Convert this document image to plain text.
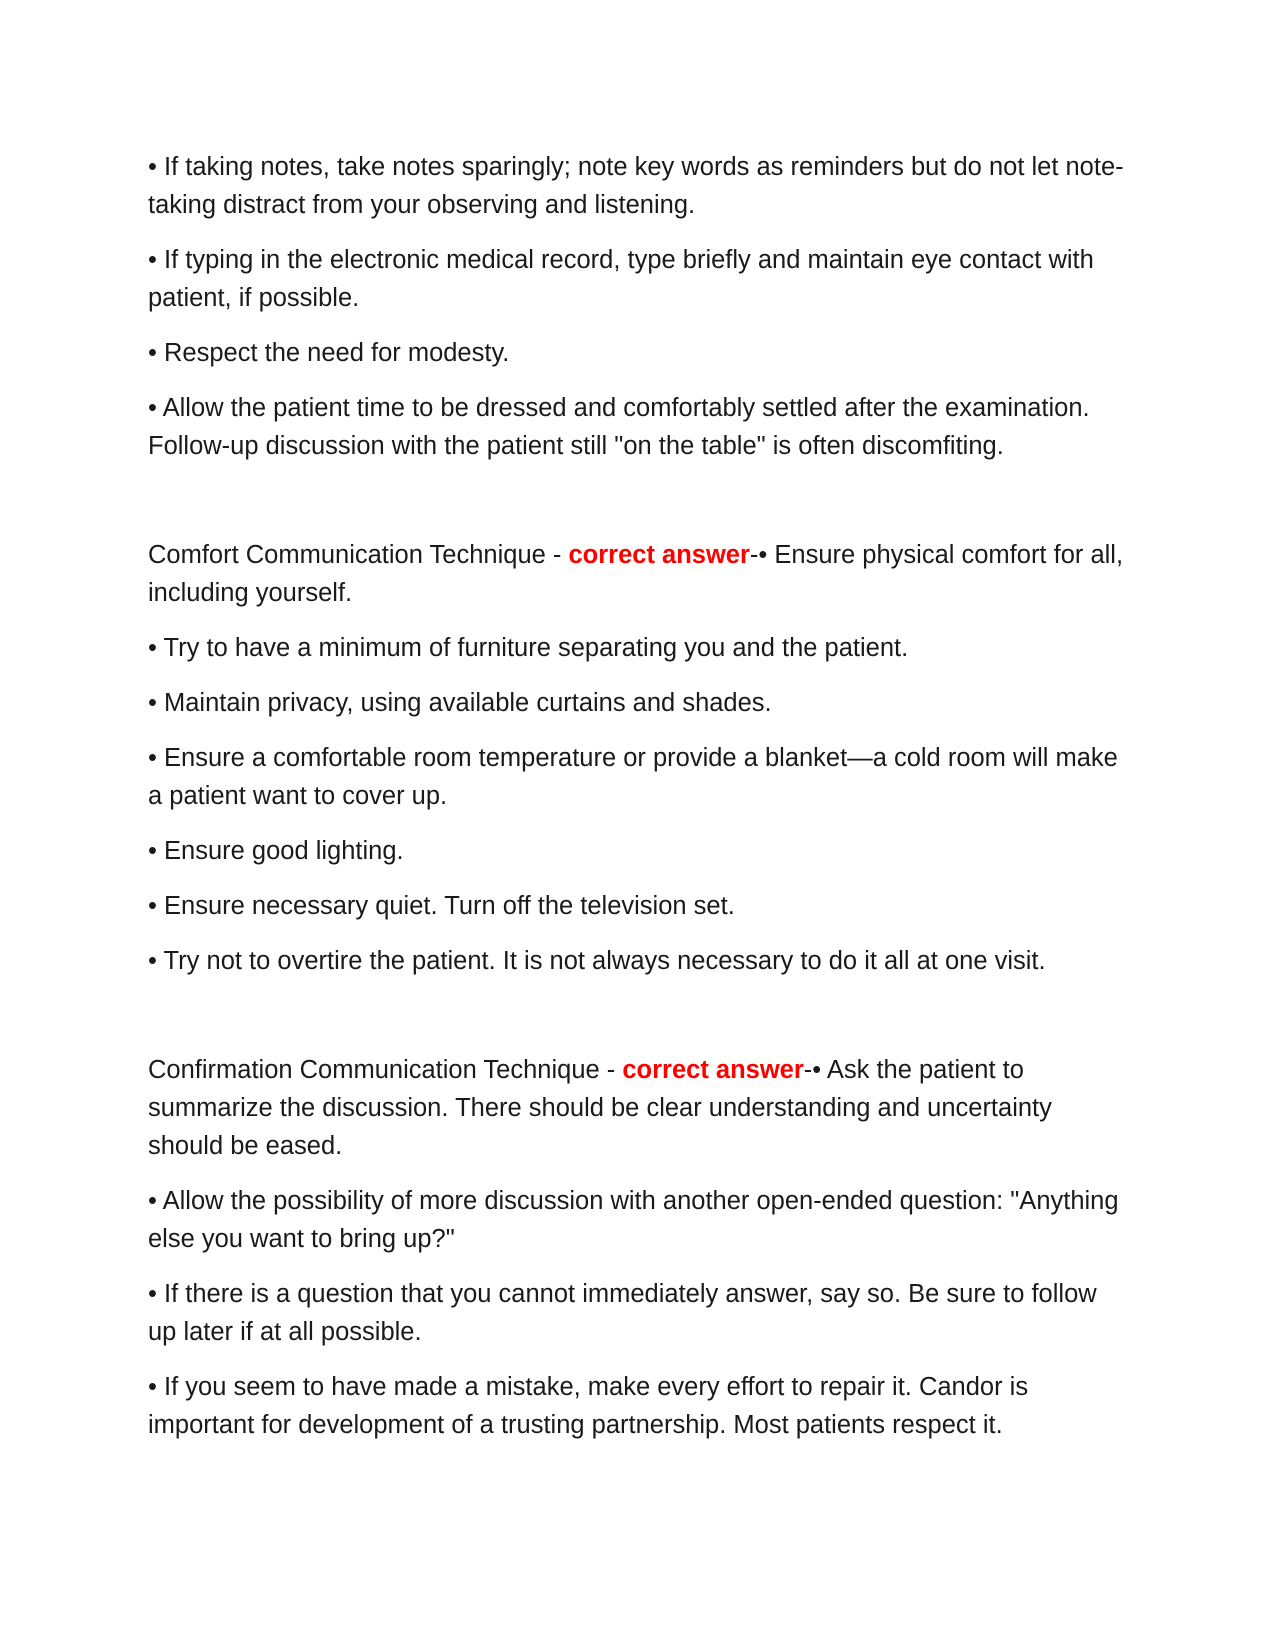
• If taking notes, take notes sparingly; note key words as reminders but do not let note-taking distract from your observing and listening.

• If typing in the electronic medical record, type briefly and maintain eye contact with patient, if possible.

• Respect the need for modesty.

• Allow the patient time to be dressed and comfortably settled after the examination. Follow-up discussion with the patient still "on the table" is often discomfiting.

Comfort Communication Technique - correct answer-• Ensure physical comfort for all, including yourself.

• Try to have a minimum of furniture separating you and the patient.

• Maintain privacy, using available curtains and shades.

• Ensure a comfortable room temperature or provide a blanket—a cold room will make a patient want to cover up.

• Ensure good lighting.

• Ensure necessary quiet. Turn off the television set.

• Try not to overtire the patient. It is not always necessary to do it all at one visit.

Confirmation Communication Technique - correct answer-• Ask the patient to summarize the discussion. There should be clear understanding and uncertainty should be eased.

• Allow the possibility of more discussion with another open-ended question: "Anything else you want to bring up?"

• If there is a question that you cannot immediately answer, say so. Be sure to follow up later if at all possible.

• If you seem to have made a mistake, make every effort to repair it. Candor is important for development of a trusting partnership. Most patients respect it.
